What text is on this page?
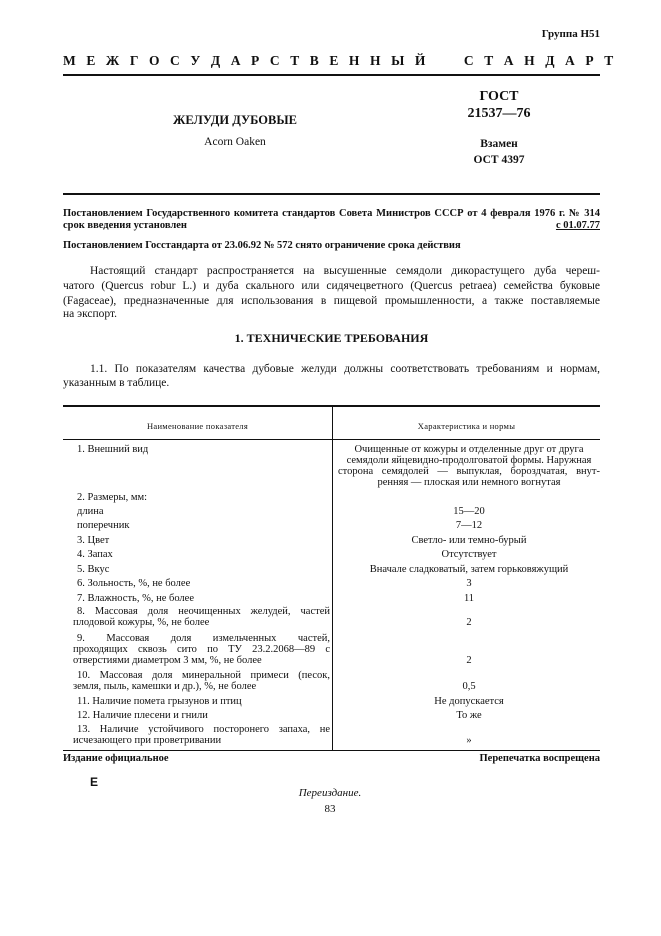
Группа Н51
М Е Ж Г О С У Д А Р С Т В Е Н Н Ы Й     С Т А Н Д А Р Т
ГОСТ
21537—76
ЖЕЛУДИ ДУБОВЫЕ
Acorn Oaken	Взамен
ОСТ 4397
Постановлением Государственного комитета стандартов Совета Министров СССР от 4 февраля 1976 г. № 314
срок введения установлен	с 01.07.77
Постановлением Госстандарта от 23.06.92 № 572 снято ограничение срока действия
Настоящий стандарт распространяется на высушенные семядоли дикорастущего дуба череш-
чатого (Quercus robur L.) и дуба скального или сидячецветного (Quercus petraea) семейства буковые
(Fagaceae), предназначенные для использования в пищевой промышленности, а также поставляемые
на экспорт.
1. ТЕХНИЧЕСКИЕ ТРЕБОВАНИЯ
1.1. По показателям качества дубовые желуди должны соответствовать требованиям и нормам,
указанным в таблице.
Наименование показателя	Характеристика и нормы
1. Внешний вид	Очищенные от кожуры и отделенные друг от друга
семядоли яйцевидно-продолговатой формы. Наружная
сторона семядолей — выпуклая, бороздчатая, внут-
ренняя — плоская или немного вогнутая
2. Размеры, мм:
длина	15—20
поперечник	7—12
3. Цвет	Светло- или темно-бурый
4. Запах	Отсутствует
5. Вкус	Вначале сладковатый, затем горьковяжущий
6. Зольность, %, не более	3
7. Влажность, %, не более	11
8. Массовая доля неочищенных желудей, частей
плодовой кожуры, %, не более	2
9. Массовая доля измельченных частей,
проходящих сквозь сито по ТУ 23.2.2068—89 с
отверстиями диаметром 3 мм, %, не более	2
10. Массовая доля минеральной примеси (песок,
земля, пыль, камешки и др.), %, не более	0,5
11. Наличие помета грызунов и птиц	Не допускается
12. Наличие плесени и гнили	То же
13. Наличие устойчивого посторонего запаха, не
исчезающего при проветривании	»
Издание официальное	Перепечатка воспрещена
E
Переиздание.
83
